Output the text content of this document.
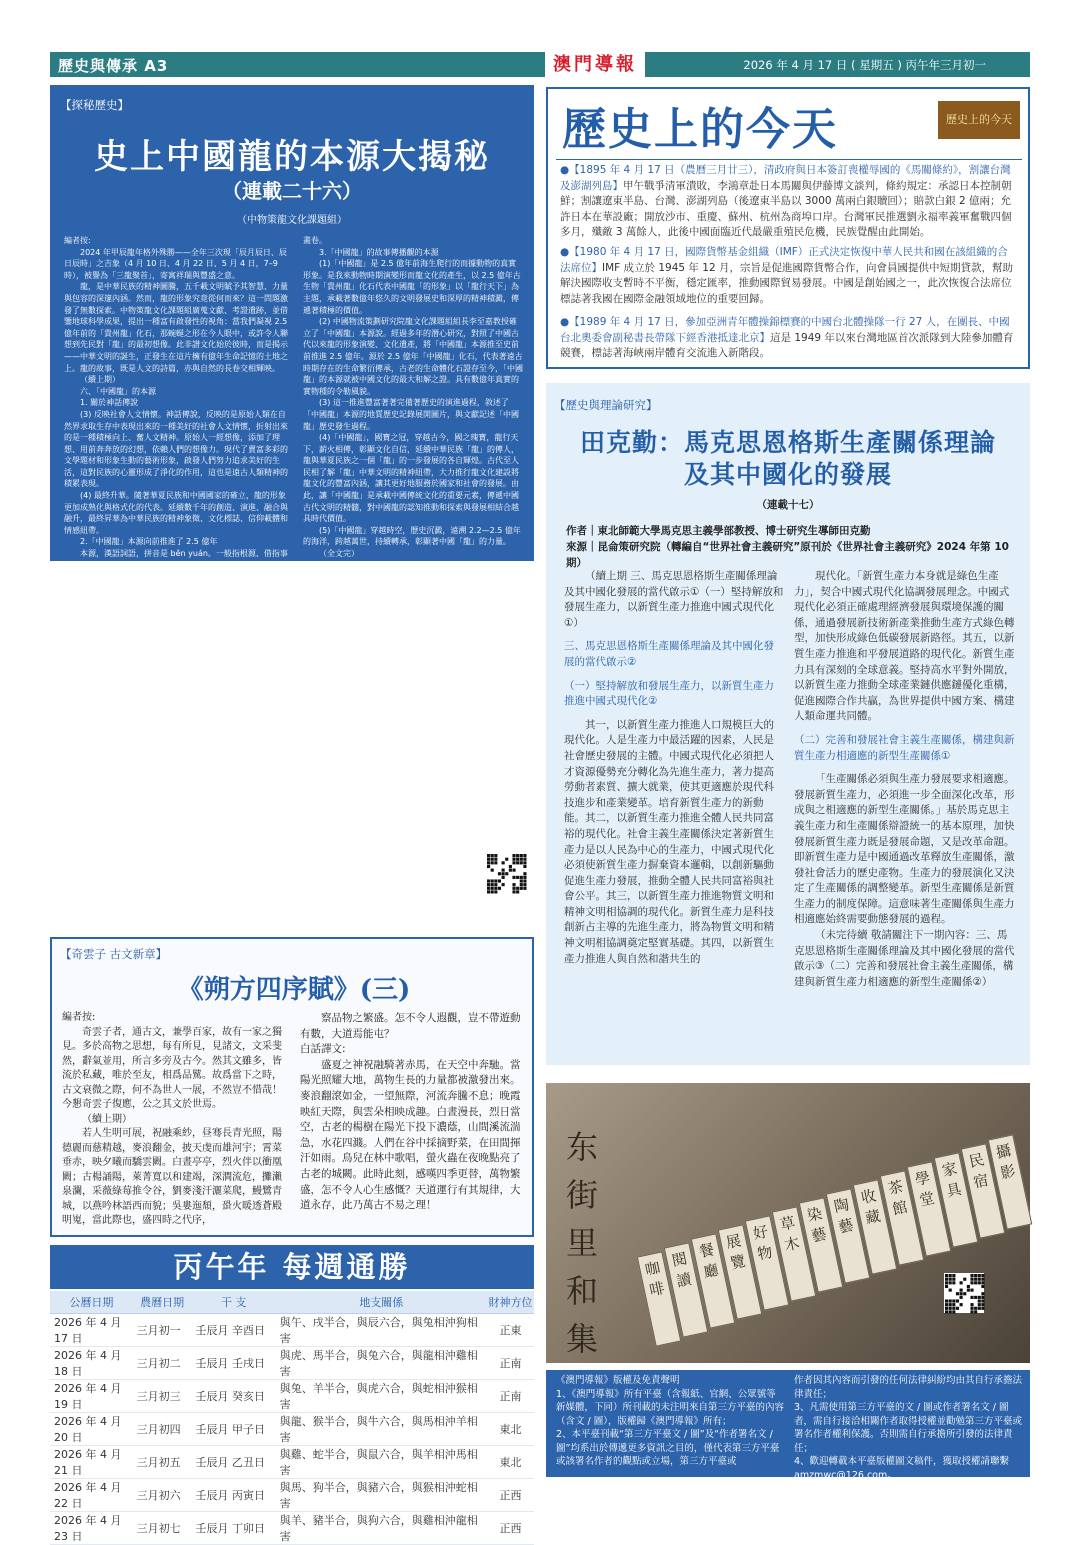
歷史與傳承 A3	澳門導報	2026 年 4 月 17 日 ( 星期五 ) 丙午年三月初一
【探秘歷史】
史上中國龍的本源大揭秘
（連載二十六）
（中物策龍文化課題組）
編者按:

2024 年甲辰龍年格外殊勝——全年三次現「辰月辰日、辰日辰時」之吉象（4 月 10 日、4 月 22 日、5 月 4 日，7–9 時），被譽為「三龍聚首」，寄寓祥瑞與豐盛之意。

龍，是中華民族的精神圖騰，五千載文明賦予其智慧、力量與包容的深邃內涵。然而，龍的形象究竟從何而來？這一問題激發了無數探索。中物策龍文化課題組廣蒐文獻、考證遺跡，並借鑒地球科學成果，提出一種富有啟發性的視角：當我們凝視 2.5 億年前的「貴州龍」化石，那蜿蜒之形在今人眼中，或許令人聯想到先民對「龍」的最初想像。此非譜文化始於彼時，而是揭示——中華文明的誕生，正發生在這片擁有億年生命記憶的土地之上。龍的故事，既是人文的詩篇，亦與自然的長卷交相輝映。

（續上期）

六、「中國龍」的本源

1. 關於神話傳說

(3) 反映社會人文情懷。神話傳說，反映的是原始人類在自然界求取生存中表現出來的一種美好的社會人文情懷，折射出來的是一種積極向上、奮人文精神。原始人一經想像，添加了理想、用前奔奔放的幻想，依賴人們的想像力。現代了賣富多彩的文學題材和形象生動的藝術形象，啟發人們努力追求美好的生活，這對民族的心靈形成了淨化的作用，這也是遠古人類精神的積累表現。

(4) 最終升華。隨著華夏民族和中國國家的確立，龍的形象更加成熟化與格式化的代表。延續數千年的創造、演進、融合與融升，最終昇華為中華民族的精神象徵、文化標誌、信仰載體和情感紐帶。

2.「中國龍」本源向前推進了 2.5 億年

本源，漢語詞語，拼音是 běn yuán。一般指根源、借指事物的根源。起源，也指根本，指事物的最重要方面，事物從本源開始生成的，一切萬物的本源之謎都是有說服的說明。

中國物流策劃研究院龍文化課題組創建中國龍「本源說過程」的本源小時發生的主要時空的現象：與現代生物學的最新研究成果證明，龍體具身、靈魂生物學，以及比較形態學等多方面。地質學、古生物學、考古學，遺跡學、文物學、歷史學、民俗學、古典文獻學、藝術學、策劃學、繪畫學、神話學以及民間傳說等方面的知識於一體，依據化石、雕塑作品，圖片資料、信息數據，將中華民族遠古祖宗億年的史前與神藝分類構成了一幅完整的

畫卷。

3.「中國龍」的故事傳播觀的本源

(1)「中國龍」是 2.5 億年前海生爬行的而據動物的真實形象。是我來動物時期演變形而龍文化的產生，以 2.5 億年古生物「貴州龍」化石代表中國龍「的形象」以「龍行天下」為主題，承載著數億年悠久的文明發展史和深厚的精神積澱，傳遞著積極的價值。

(2) 中國物流策劃研究院龍文化課題組組長李至嘉教授確立了「中國龍」本源說。經過多年的潛心研究，對照了中國古代以來龍的形象演變、文化遺產，將「中國龍」本源推至史前前推進 2.5 億年。源於 2.5 億年「中國龍」化石，代表著遠古時期存在的生命繁衍傳承，古老的生命體化石證存至今，「中國龍」的本源就被中國文化的最大和解之證。具有數億年真實的實物種的令勒風貌。

(3) 這一推進豐富著著完備著歷史的演進過程，敘述了「中國龍」本源的地質歷史記錄展開圖片，與文獻記述「中國龍」歷史發生過程。

(4)「中國龍」，國寶之冠，穿越古今，國之瑰寶，龍行天下，薪火相傳，彰顯文化自信，延續中華民族「龍」的傳人，龍與華夏民族之一個「龍」的一步發展的各自輝煌。古代至人民相了解「龍」中華文明的精神紐帶，大力推行龍文化建設將龍文化的豐富內涵，讓其更好地服務於國家和社會的發展。由此，讓「中國龍」是承載中國傳統文化的重要元素，傳遞中國古代文明的精髓，對中國龍的認知推動和探索與發展相結合越具時代價值。

(5)「中國龍」穿越時空，歷史沉澱，遠溯 2.2—2.5 億年的海洋，跨越萬世，持續轉承，彰顯著中國「龍」的力量。

（全文完）

【編者結語】

本文以三疊紀「貴州龍」等古生物化石為切入點，提出「中國龍本源可追溯至 2.5 億年前」的觀點，其立意在於展現中華大地數十億年生命演化的深厚根基，並嘗試建立生態記憶同觀。

然而需明確區分：「貴州龍」等屬自然科學範疇的史前動物，而「中國龍」是中華先民自新石器時代（約 5500–6000 年前，如紅山文化玉龍）起逐步創造的文化符號。文化的誕生以人類社會為前提，在人類尚未出現的 2.5 億年前，不可能存在對「龍」的崇拜或象徵體系。因此，文中「本源推前 2.5 億年」宜理解為——種連接地球生命史與中華文明史的隱喻性或詩意表達，而非對文化起源時間的科學斷言。特此說明。

歷史上的今天	歷史上的今天
●【1895 年 4 月 17 日（農曆三月廿三），清政府與日本簽訂喪權辱國的《馬關條約》，割讓台灣及澎湖列島】甲午戰爭清軍潰敗，李鴻章赴日本馬關與伊藤博文談判，條約規定：承認日本控制朝鮮；割讓遼東半島、台灣、澎湖列島（後遼東半島以 3000 萬兩白銀贖回）；賠款白銀 2 億兩；允許日本在華設廠；開放沙市、重慶、蘇州、杭州為商埠口岸。台灣軍民推選劉永福率義軍奮戰四個多月，殲敵 3 萬餘人，此後中國面臨近代最嚴重殖民危機，民族覺醒由此開始。
●【1980 年 4 月 17 日，國際貨幣基金組織（IMF）正式決定恢復中華人民共和國在該組織的合法席位】IMF 成立於 1945 年 12 月，宗旨是促進國際貨幣合作，向會員國提供中短期貸款，幫助解決國際收支暫時不平衡，穩定匯率，推動國際貿易發展。中國是創始國之一，此次恢復合法席位標誌著我國在國際金融領域地位的重要回歸。
●【1989 年 4 月 17 日，參加亞洲青年體操錦標賽的中國台北體操隊一行 27 人，在團長、中國台北奧委會副秘書長帶隊下經香港抵達北京】這是 1949 年以來台灣地區首次派隊到大陸參加體育競賽，標誌著海峽兩岸體育交流進入新階段。
【歷史與理論研究】
田克勤：馬克思恩格斯生產關係理論
及其中國化的發展
（連載十七）
作者｜東北師範大學馬克思主義學部教授、博士研究生導師田克勤
來源｜昆侖策研究院（轉編自“世界社會主義研究”原刊於《世界社會主義研究》2024 年第 10 期）

（續上期 三、馬克思恩格斯生產關係理論及其中國化發展的當代啟示①（一）堅持解放和發展生產力，以新質生產力推進中國式現代化①）

三、馬克思恩格斯生產關係理論及其中國化發展的當代啟示②

（一）堅持解放和發展生產力，以新質生產力推進中國式現代化②

其一，以新質生產力推進人口規模巨大的現代化。人是生產力中最活躍的因素，人民是社會歷史發展的主體。中國式現代化必須把人才資源優勢充分轉化為先進生產力，著力提高勞動者素質、擴大就業，使其更適應於現代科技進步和產業變革。培育新質生產力的新動能。其二，以新質生產力推進全體人民共同富裕的現代化。社會主義生產關係決定著新質生產力是以人民為中心的生產力，中國式現代化必須使新質生產力摒棄資本邏輯，以創新驅動促進生產力發展，推動全體人民共同富裕與社會公平。其三，以新質生產力推進物質文明和精神文明相協調的現代化。新質生產力是科技創新占主導的先進生產力，將為物質文明和精神文明相協調奠定堅實基礎。其四，以新質生產力推進人與自然和諧共生的

現代化。「新質生產力本身就是綠色生產力」，契合中國式現代化協調發展理念。中國式現代化必須正確處理經濟發展與環境保護的關係，通過發展新技術新產業推動生產方式綠色轉型，加快形成綠色低碳發展新路徑。其五，以新質生產力推進和平發展道路的現代化。新質生產力具有深刻的全球意義。堅持高水平對外開放，以新質生產力推動全球產業鏈供應鏈優化重構，促進國際合作共贏，為世界提供中國方案、構建人類命運共同體。

（二）完善和發展社會主義生產關係，構建與新質生產力相適應的新型生產關係①

「生產關係必須與生產力發展要求相適應。發展新質生產力，必須進一步全面深化改革，形成與之相適應的新型生產關係。」基於馬克思主義生產力和生產關係辯證統一的基本原理，加快發展新質生產力既是發展命題，又是改革命題。即新質生產力是中國通過改革釋放生產關係，激發社會活力的歷史產物。生產力的發展演化又決定了生產關係的調整變革。新型生產關係是新質生產力的制度保障。這意味著生產關係與生產力相適應始終需要動態發展的過程。

（未完待續 敬請關注下一期內容：三、馬克思恩格斯生產關係理論及其中國化發展的當代啟示③（二）完善和發展社會主義生產關係，構建與新質生產力相適應的新型生產關係②）

【奇雲子 古文新章】
《朔方四序賦》(三)
編者按:

奇雲子者，通古文，兼學百家，故有一家之獨見。多於高物之思想，每有所見，見諸文，文采斐然，辭氣並用，所言多旁及古今。然其文雖多，皆流於私藏，唯於至友，相爲品騭。故爲當下之時，古文衰微之際，何不為世人一展，不然豈不惜哉！今懇奇雲子復應，公之其文於世焉。

（續上期）

若人生明可展，祝融乘紗，昼骞長青光照，陽德麗而慈精越，麥浪翻金，披天虔而雄河宇；霄菜垂赤，映夕曦而驕雲闕。白晝亭亭，烈火伴以衝凰闕；古楊誦陽，萊菁寬以和建竭，深澗流危，攤瀨泉瀾，采薇綠莓推令谷，劉麥淺汗灑菜爬，鰻鷺青城，以燕吟林語西而貌；吳婁迤頹，蛩火暖透蒼殿明嵬，當此際也，盛四時之代序，

察品物之繁盛。怎不令人遐觀，豈不帶遊動有數，大道焉能屯？

白話譯文:

盛夏之神祝融騎著赤馬，在天空中奔馳。當陽光照耀大地，萬物生長的力量都被激發出來。麥浪翻滾如金，一望無際，河流奔騰不息；晚霞映紅天際，與雲朵相映成趣。白晝漫長，烈日當空，古老的楊樹在陽光下投下濃蔭，山間溪流湍急，水花四濺。人們在谷中採摘野菜，在田間揮汗如雨。鳥兒在林中歌唱，螢火蟲在夜晚點亮了古老的城闕。此時此刻，感嘆四季更替，萬物繁盛，怎不令人心生感慨？天道運行有其規律，大道永存，此乃萬古不易之理！

丙午年 每週通勝
公曆日期	農曆日期	干 支	地支關係	財神方位
2026 年 4 月 17 日	三月初一	壬辰月 辛酉日	與午、戌半合，與辰六合，與兔相沖狗相害	正東
2026 年 4 月 18 日	三月初二	壬辰月 壬戌日	與虎、馬半合，與兔六合，與龍相沖雞相害	正南
2026 年 4 月 19 日	三月初三	壬辰月 癸亥日	與兔、羊半合，與虎六合，與蛇相沖猴相害	正南
2026 年 4 月 20 日	三月初四	壬辰月 甲子日	與龍、猴半合，與牛六合，與馬相沖羊相害	東北
2026 年 4 月 21 日	三月初五	壬辰月 乙丑日	與雞、蛇半合，與鼠六合，與羊相沖馬相害	東北
2026 年 4 月 22 日	三月初六	壬辰月 丙寅日	與馬、狗半合，與豬六合，與猴相沖蛇相害	正西
2026 年 4 月 23 日	三月初七	壬辰月 丁卯日	與羊、豬半合，與狗六合，與雞相沖龍相害	正西
东街里和集
咖啡
閱讀
餐廳
展覽
好物
草木
染藝
陶藝
收藏
茶館
學堂
家具
民宿
攝影
《澳門導報》版權及免責聲明
1、《澳門導報》所有平臺（含報紙、官網、公眾號等新媒體，下同）所刊載的未注明來自第三方平臺的內容（含文 / 圖），版權歸《澳門導報》所有；
2、本平臺刊載“第三方平臺文 / 圖”及“作者署名文 / 圖”均系出於傳遞更多資訊之目的，僅代表第三方平臺或該署名作者的觀點或立場，第三方平臺或
作者因其內容而引發的任何法律糾紛均由其自行承擔法律責任；
3、凡需使用第三方平臺的文 / 圖或作者署名文 / 圖者，需自行接洽相關作者取得授權並勸勉第三方平臺或署名作者權利保護。否則需自行承擔所引發的法律責任；
4、歡迎轉載本平臺版權圖文稿件，獲取授權請聯繫 amzmwc@126.com。
